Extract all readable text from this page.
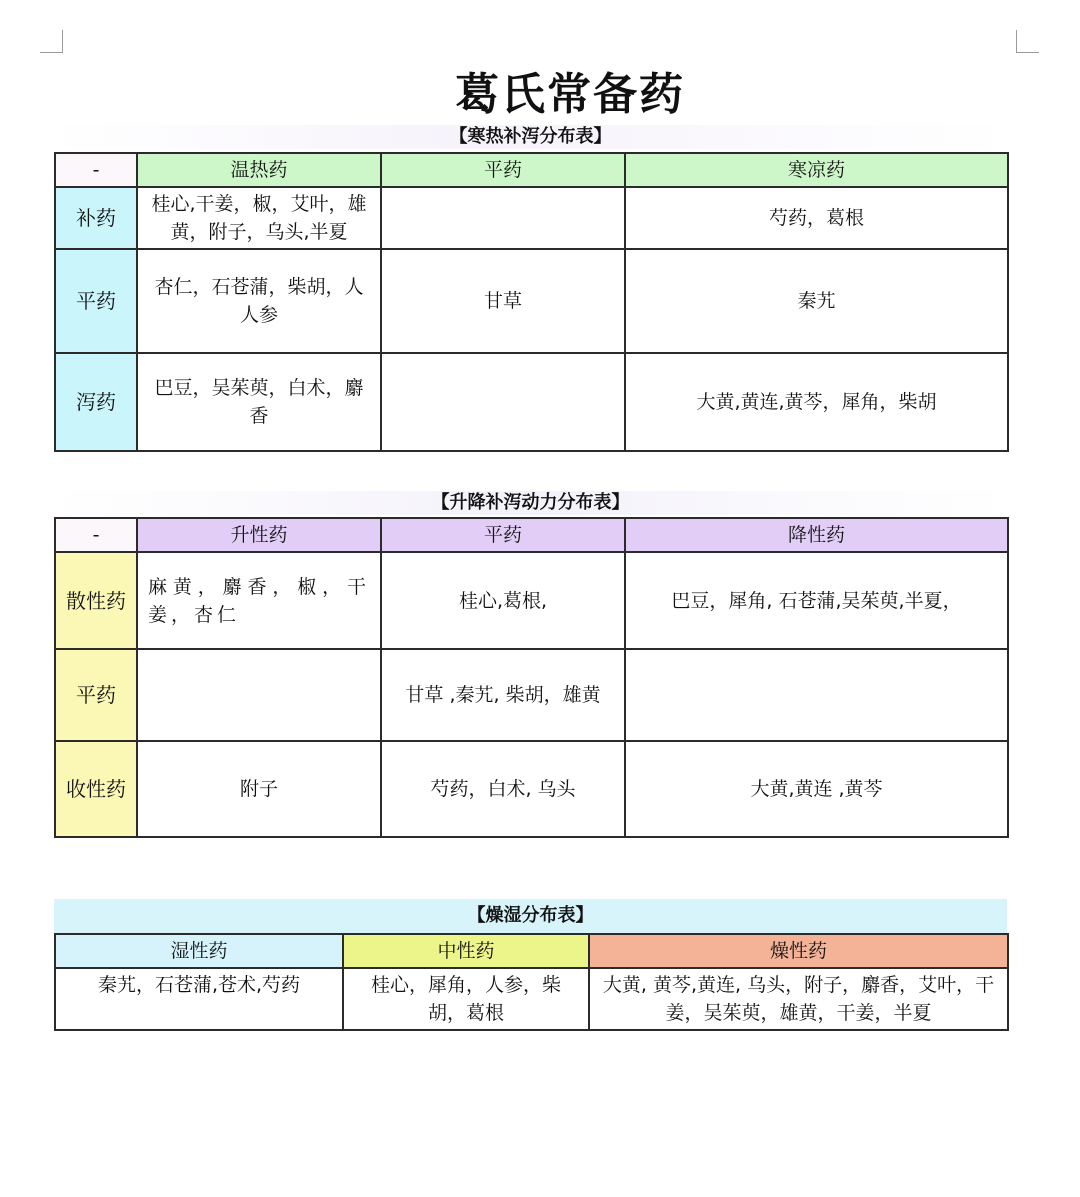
葛氏常备药
【寒热补泻分布表】
-	温热药	平药	寒凉药
补药	桂心,干姜，椒，艾叶，雄黄，附子，乌头,半夏		芍药，葛根
平药	杏仁，石苍蒲，柴胡，人人参	甘草	秦艽
泻药	巴豆，吴茱萸，白术，麝香		大黄,黄连,黄芩，犀角，柴胡
【升降补泻动力分布表】
-	升性药	平药	降性药
散性药	麻黄，麝香，椒，干姜，杏仁	桂心,葛根,	巴豆，犀角, 石苍蒲,吴茱萸,半夏，
平药		甘草 ,秦艽, 柴胡，雄黄	
收性药	附子	芍药，白术, 乌头	大黄,黄连 ,黄芩
【燥湿分布表】
湿性药	中性药	燥性药
秦艽，石苍蒲,苍术,芍药	桂心，犀角，人参，柴胡，葛根	大黄, 黄芩,黄连, 乌头，附子，麝香，艾叶，干姜，吴茱萸，雄黄，干姜，半夏
